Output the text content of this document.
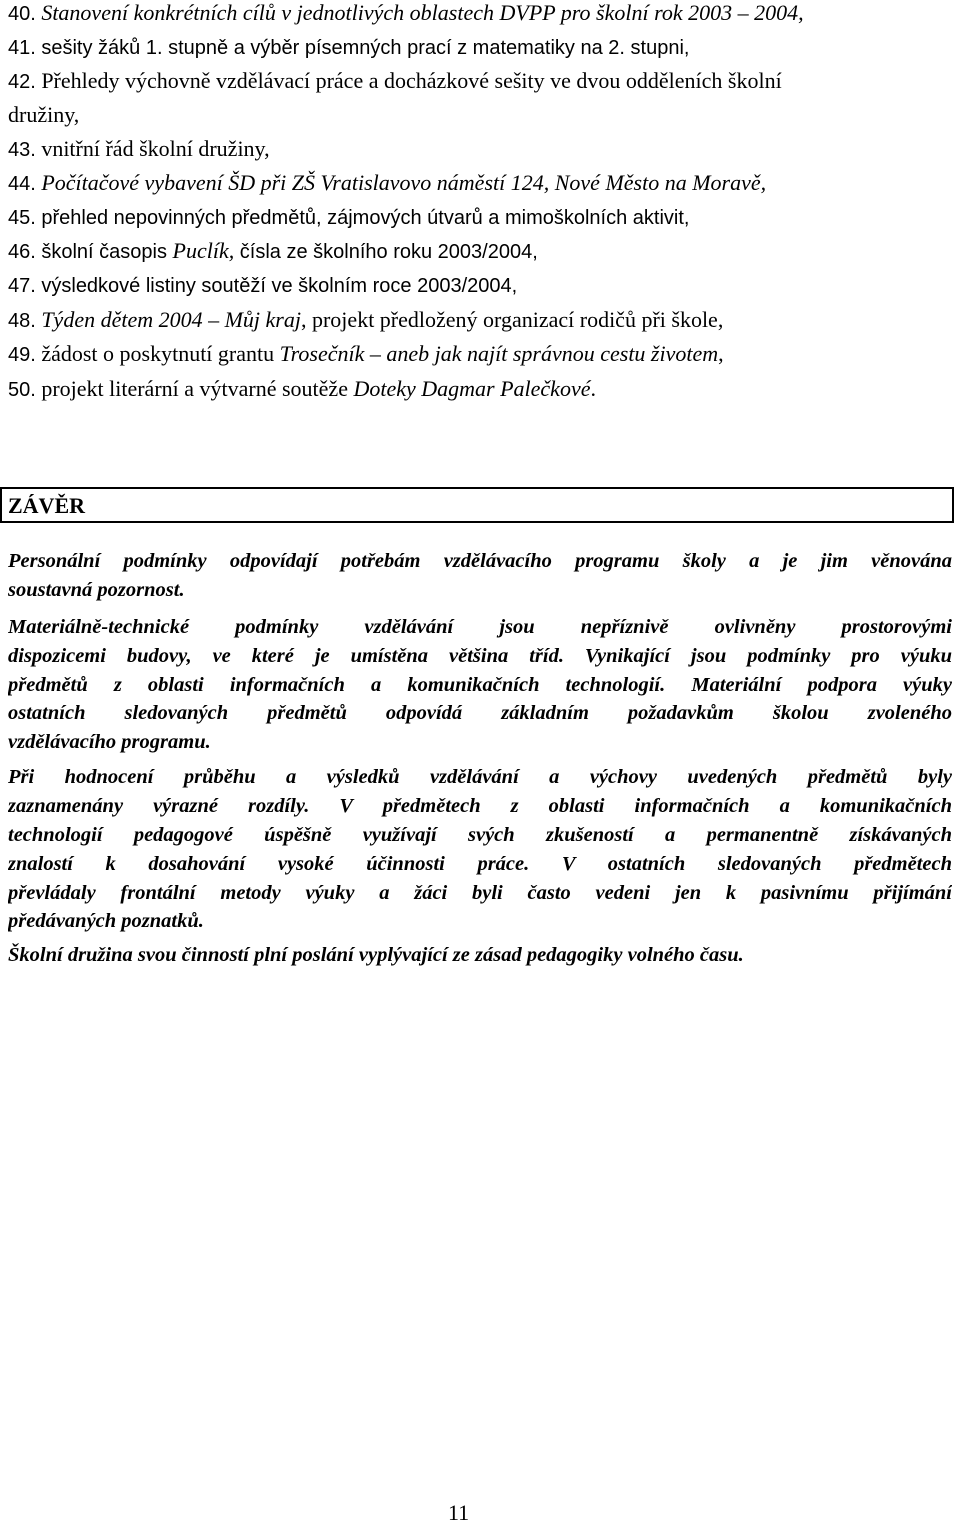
40. Stanovení konkrétních cílů v jednotlivých oblastech DVPP pro školní rok 2003 – 2004,
41. sešity žáků 1. stupně a výběr písemných prací z matematiky na 2. stupni,
42. Přehledy výchovně vzdělávací práce a docházkové sešity ve dvou odděleních školní
družiny,
43. vnitřní řád školní družiny,
44. Počítačové vybavení ŠD při ZŠ Vratislavovo náměstí 124, Nové Město na Moravě,
45. přehled nepovinných předmětů, zájmových útvarů a mimoškolních aktivit,
46. školní časopis Puclík, čísla ze školního roku 2003/2004,
47. výsledkové listiny soutěží ve školním roce 2003/2004,
48. Týden dětem 2004 – Můj kraj, projekt předložený organizací rodičů při škole,
49. žádost o poskytnutí grantu Trosečník – aneb jak najít správnou cestu životem,
50. projekt literární a výtvarné soutěže Doteky Dagmar Palečkové.
ZÁVĚR
Personální podmínky odpovídají potřebám vzdělávacího programu školy a je jim věnována
soustavná pozornost.
Materiálně-technické podmínky vzdělávání jsou nepříznivě ovlivněny prostorovými
dispozicemi budovy, ve které je umístěna většina tříd. Vynikající jsou podmínky pro výuku
předmětů z oblasti informačních a komunikačních technologií. Materiální podpora výuky
ostatních sledovaných předmětů odpovídá základním požadavkům školou zvoleného
vzdělávacího programu.
Při hodnocení průběhu a výsledků vzdělávání a výchovy uvedených předmětů byly
zaznamenány výrazné rozdíly. V předmětech z oblasti informačních a komunikačních
technologií pedagogové úspěšně využívají svých zkušeností a permanentně získávaných
znalostí k dosahování vysoké účinnosti práce. V ostatních sledovaných předmětech
převládaly frontální metody výuky a žáci byli často vedeni jen k pasivnímu přijímání
předávaných poznatků.
Školní družina svou činností plní poslání vyplývající ze zásad pedagogiky volného času.
11
